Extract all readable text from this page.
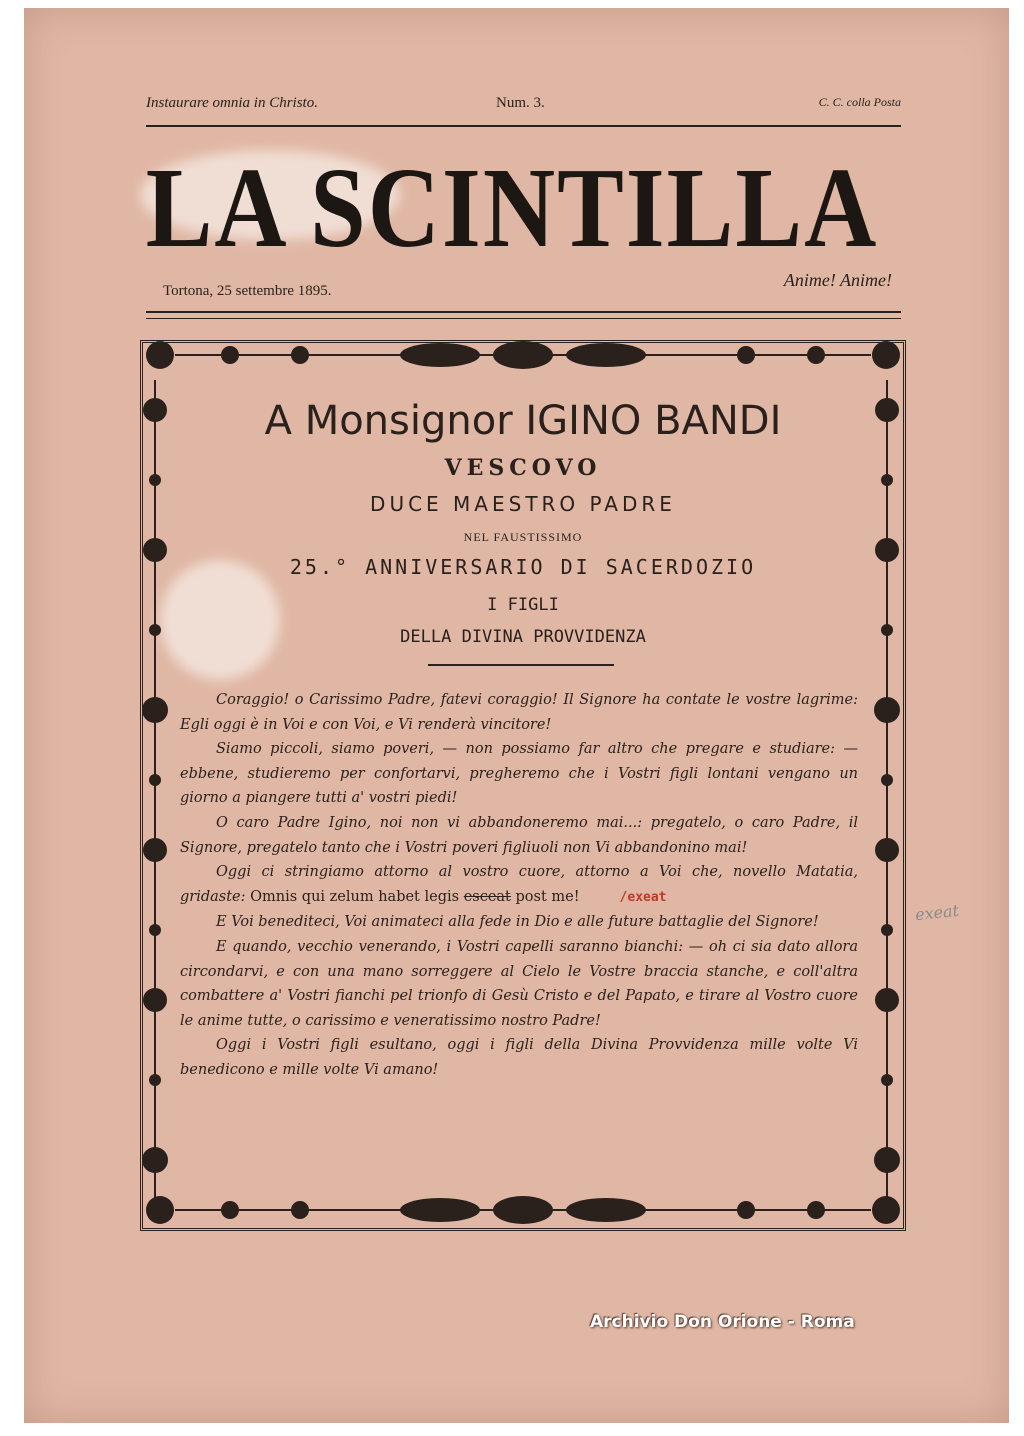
Instaurare omnia in Christo.	Num. 3.	C. C. colla Posta
LA SCINTILLA
Tortona, 25 settembre 1895.
Anime! Anime!
A Monsignor IGINO BANDI
VESCOVO
DUCE MAESTRO PADRE
NEL FAUSTISSIMO
25.° ANNIVERSARIO DI SACERDOZIO
I FIGLI
DELLA DIVINA PROVVIDENZA

Coraggio! o Carissimo Padre, fatevi coraggio! Il Signore ha contate le vostre lagrime: Egli oggi è in Voi e con Voi, e Vi renderà vincitore!

Siamo piccoli, siamo poveri, — non possiamo far altro che pregare e studiare: — ebbene, studieremo per confortarvi, pregheremo che i Vostri figli lontani vengano un giorno a piangere tutti a' vostri piedi!

O caro Padre Igino, noi non vi abbandoneremo mai...: pregatelo, o caro Padre, il Signore, pregatelo tanto che i Vostri poveri figliuoli non Vi abbandonino mai!

Oggi ci stringiamo attorno al vostro cuore, attorno a Voi che, novello Matatia, gridaste: Omnis qui zelum habet legis esceat post me!	/exeat

E Voi benediteci, Voi animateci alla fede in Dio e alle future battaglie del Signore!

E quando, vecchio venerando, i Vostri capelli saranno bianchi: — oh ci sia dato allora circondarvi, e con una mano sorreggere al Cielo le Vostre braccia stanche, e coll'altra combattere a' Vostri fianchi pel trionfo di Gesù Cristo e del Papato, e tirare al Vostro cuore le anime tutte, o carissimo e veneratissimo nostro Padre!

Oggi i Vostri figli esultano, oggi i figli della Divina Provvidenza mille volte Vi benedicono e mille volte Vi amano!

exeat
Archivio Don Orione - Roma
